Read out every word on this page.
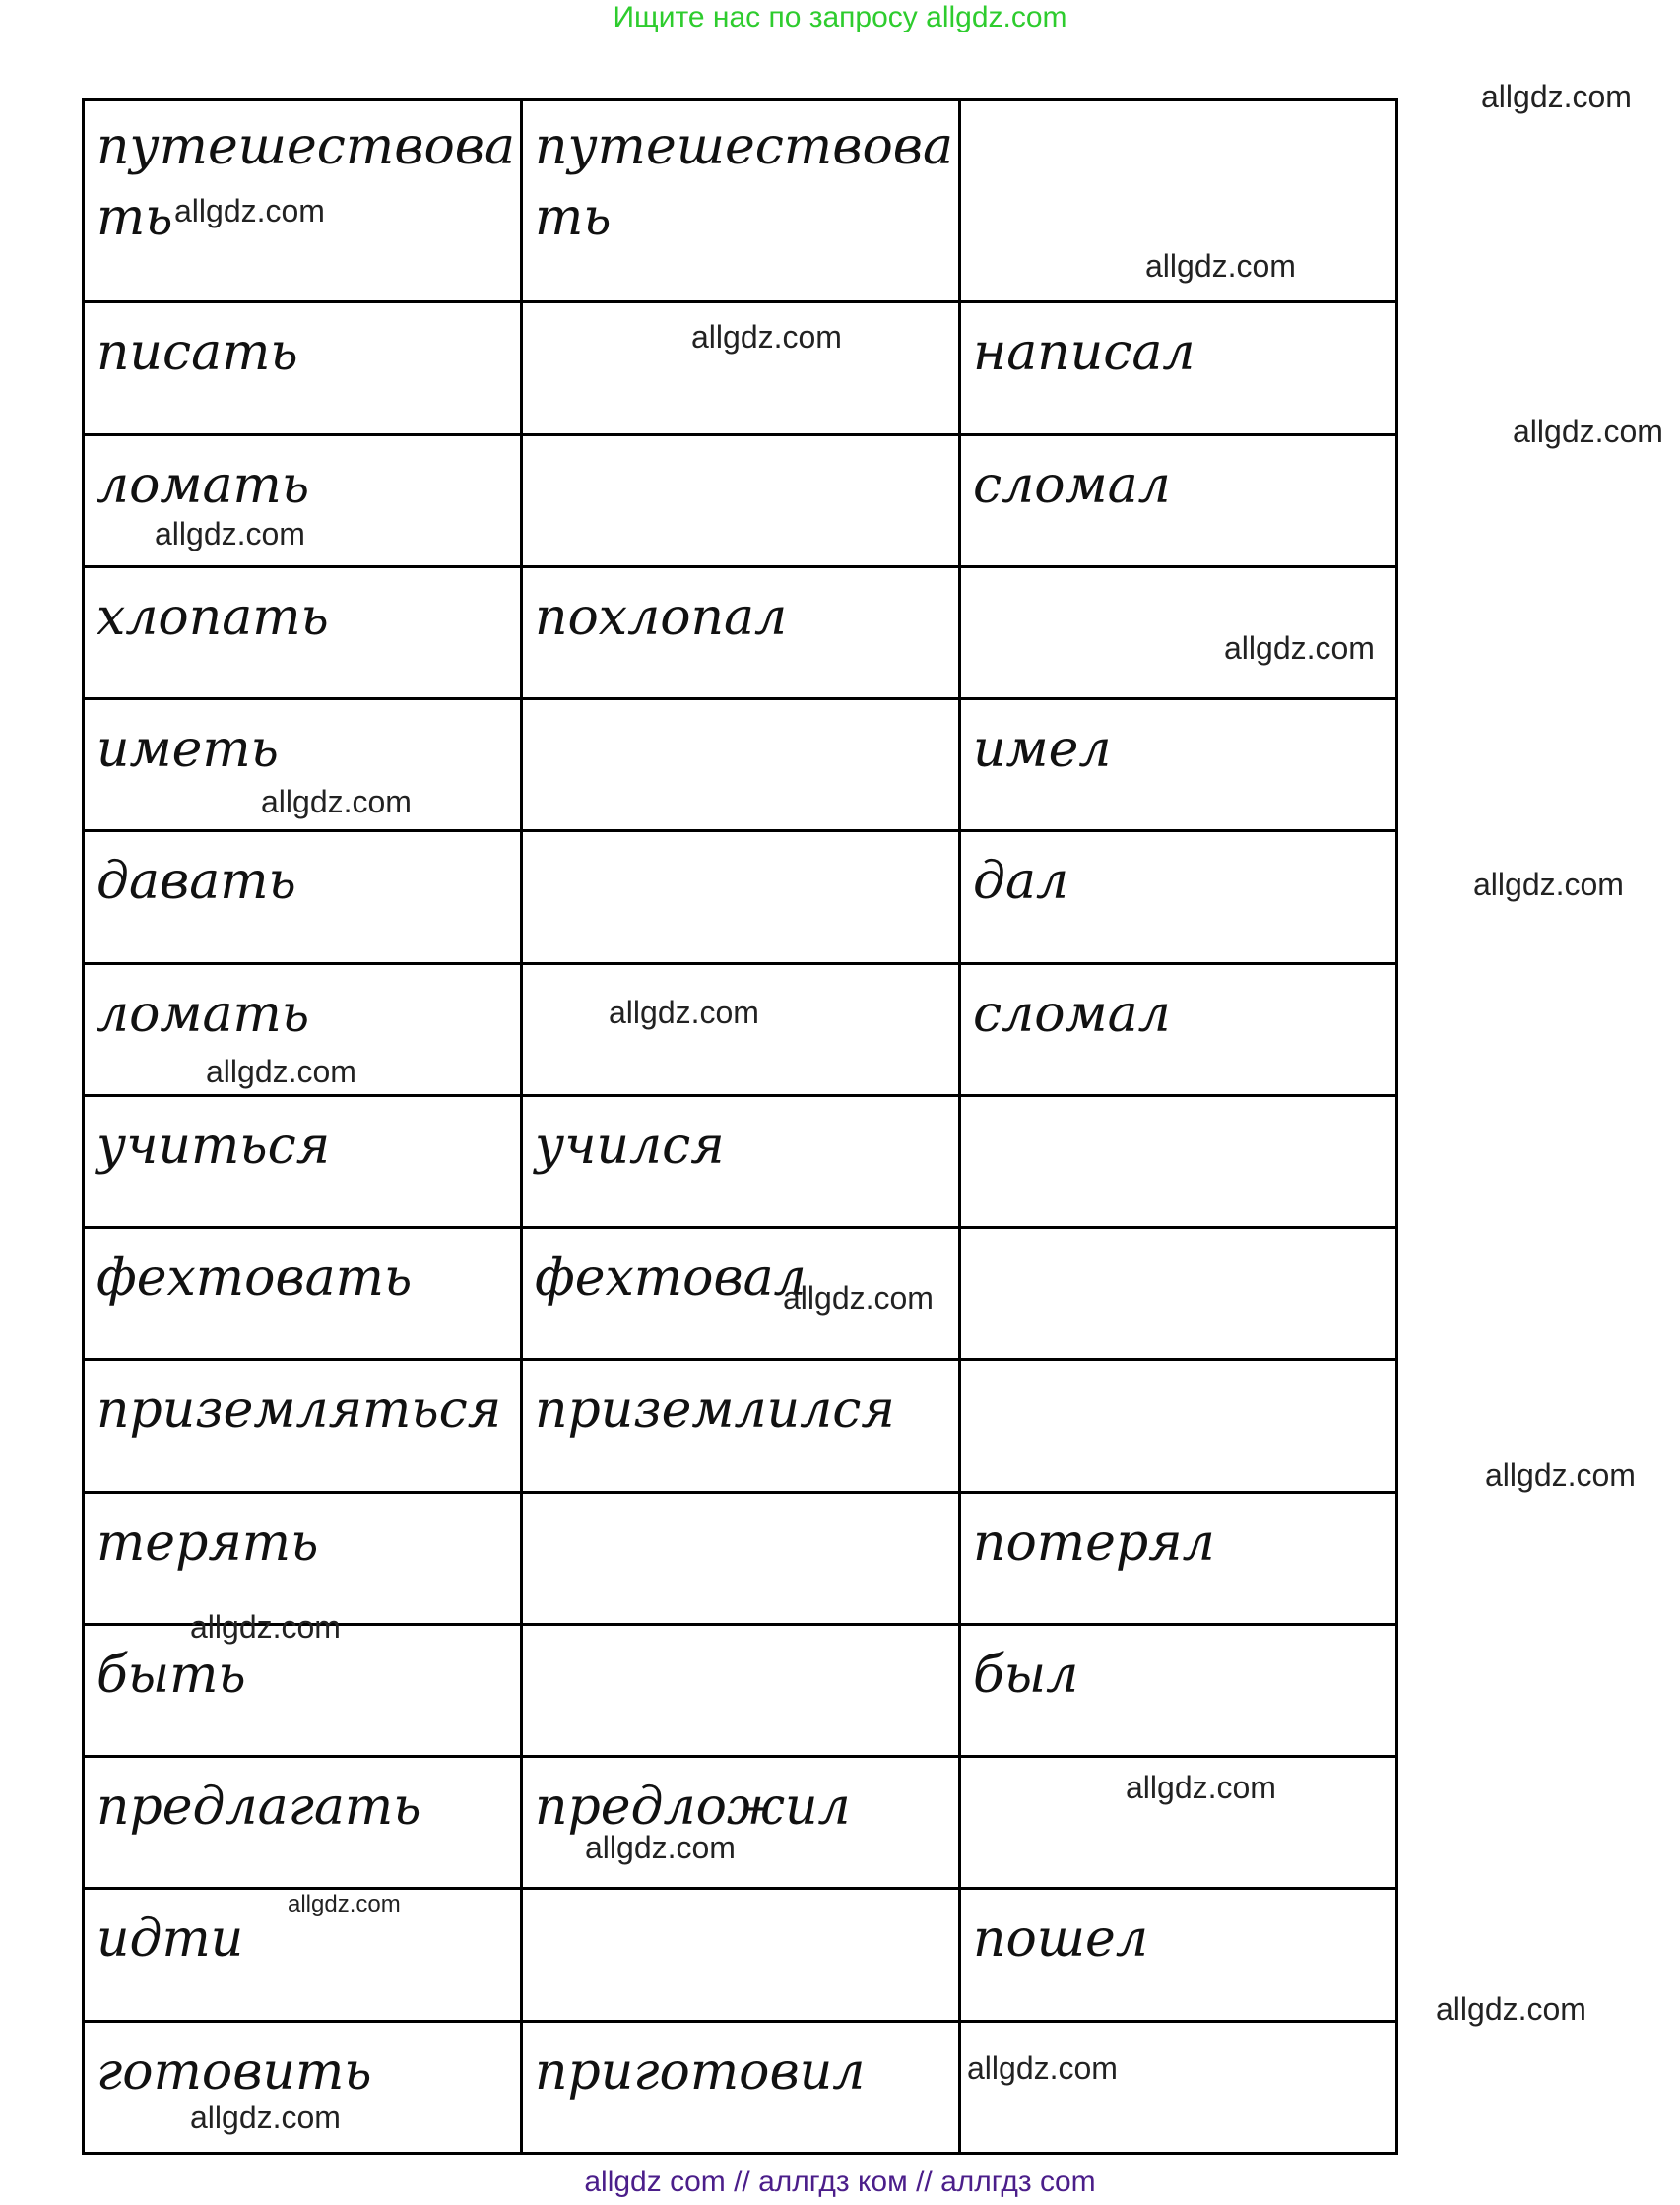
Ищите нас по запросу allgdz.com
путешествовать	путешествовать	
писать		написал
ломать		сломал
хлопать	похлопал	
иметь		имел
давать		дал
ломать		сломал
учиться	учился	
фехтовать	фехтовал	
приземляться	приземлился	
терять		потерял
быть		был
предлагать	предложил	
идти		пошел
готовить	приготовил	
allgdz.com
allgdz.com
allgdz.com
allgdz.com
allgdz.com
allgdz.com
allgdz.com
allgdz.com
allgdz.com
allgdz.com
allgdz.com
allgdz.com
allgdz.com
allgdz.com
allgdz.com
allgdz.com
allgdz.com
allgdz.com
allgdz.com
allgdz.com
allgdz com // аллгдз ком // аллгдз com
